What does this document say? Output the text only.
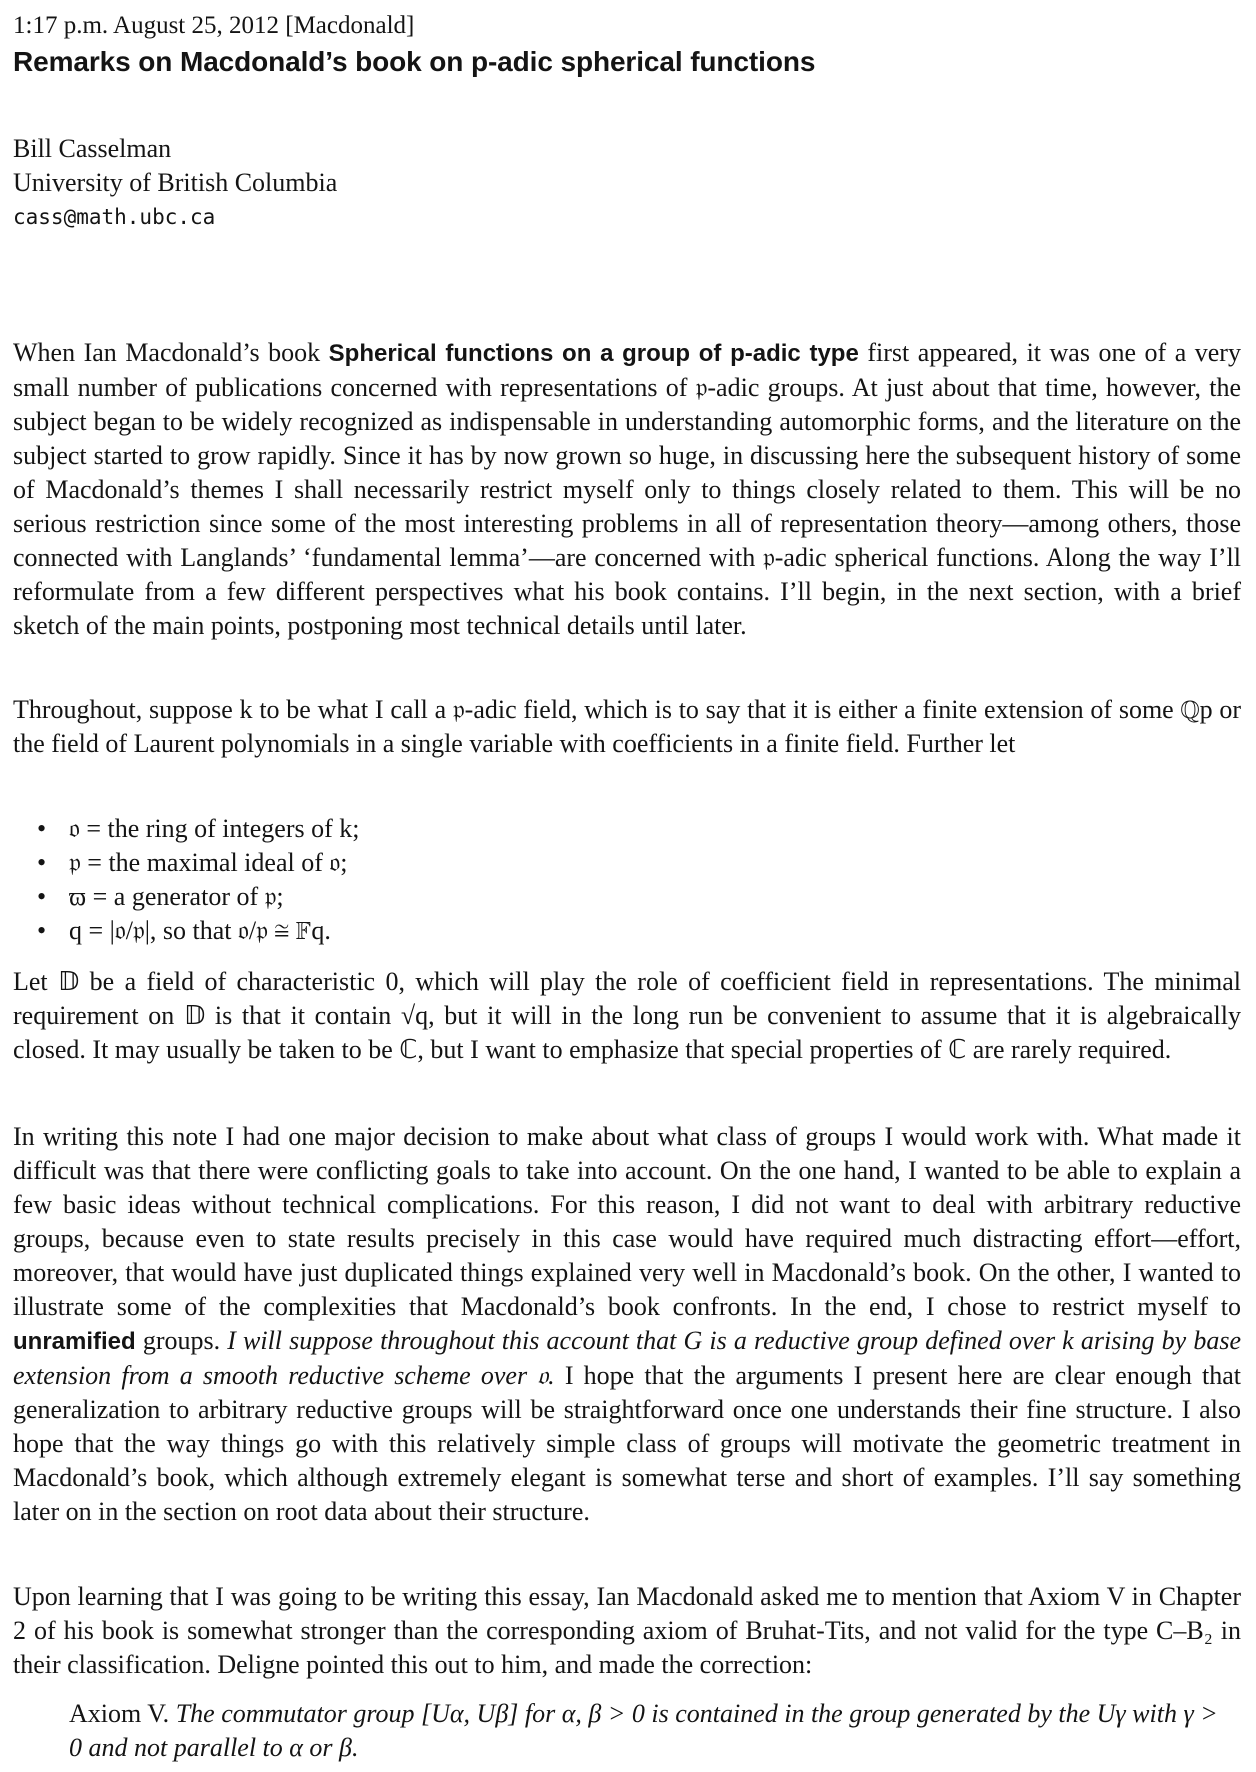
1:17 p.m. August 25, 2012 [Macdonald]
Remarks on Macdonald’s book on p-adic spherical functions
Bill Casselman
University of British Columbia
cass@math.ubc.ca
When Ian Macdonald’s book Spherical functions on a group of p-adic type first appeared, it was one of a very small number of publications concerned with representations of 𝔭-adic groups. At just about that time, however, the subject began to be widely recognized as indispensable in understanding automorphic forms, and the literature on the subject started to grow rapidly. Since it has by now grown so huge, in discussing here the subsequent history of some of Macdonald’s themes I shall necessarily restrict myself only to things closely related to them. This will be no serious restriction since some of the most interesting problems in all of representation theory—among others, those connected with Langlands’ ‘fundamental lemma’—are concerned with 𝔭-adic spherical functions. Along the way I’ll reformulate from a few different perspectives what his book contains. I’ll begin, in the next section, with a brief sketch of the main points, postponing most technical details until later.
Throughout, suppose k to be what I call a 𝔭-adic field, which is to say that it is either a finite extension of some ℚp or the field of Laurent polynomials in a single variable with coefficients in a finite field. Further let
• 𝔬 = the ring of integers of k;
• 𝔭 = the maximal ideal of 𝔬;
• ϖ = a generator of 𝔭;
• q = |𝔬/𝔭|, so that 𝔬/𝔭 ≅ 𝔽q.
Let 𝔻 be a field of characteristic 0, which will play the role of coefficient field in representations. The minimal requirement on 𝔻 is that it contain √q, but it will in the long run be convenient to assume that it is algebraically closed. It may usually be taken to be ℂ, but I want to emphasize that special properties of ℂ are rarely required.
In writing this note I had one major decision to make about what class of groups I would work with. What made it difficult was that there were conflicting goals to take into account. On the one hand, I wanted to be able to explain a few basic ideas without technical complications. For this reason, I did not want to deal with arbitrary reductive groups, because even to state results precisely in this case would have required much distracting effort—effort, moreover, that would have just duplicated things explained very well in Macdonald’s book. On the other, I wanted to illustrate some of the complexities that Macdonald’s book confronts. In the end, I chose to restrict myself to unramified groups. I will suppose throughout this account that G is a reductive group defined over k arising by base extension from a smooth reductive scheme over 𝔬. I hope that the arguments I present here are clear enough that generalization to arbitrary reductive groups will be straightforward once one understands their fine structure. I also hope that the way things go with this relatively simple class of groups will motivate the geometric treatment in Macdonald’s book, which although extremely elegant is somewhat terse and short of examples. I’ll say something later on in the section on root data about their structure.
Upon learning that I was going to be writing this essay, Ian Macdonald asked me to mention that Axiom V in Chapter 2 of his book is somewhat stronger than the corresponding axiom of Bruhat-Tits, and not valid for the type C–B₂ in their classification. Deligne pointed this out to him, and made the correction:
Axiom V. The commutator group [Uα, Uβ] for α, β > 0 is contained in the group generated by the Uγ with γ > 0 and not parallel to α or β.
